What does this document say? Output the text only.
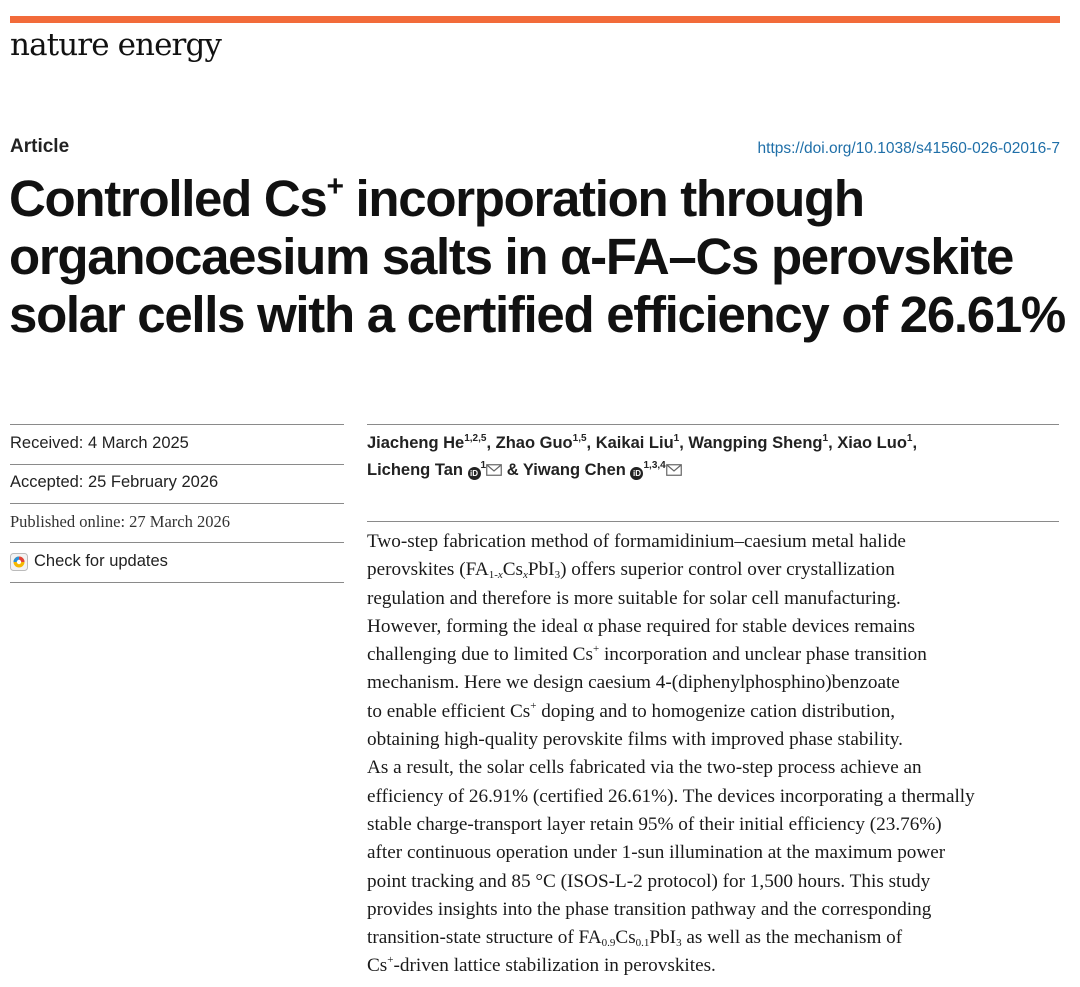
nature energy
Article	https://doi.org/10.1038/s41560-026-02016-7
Controlled Cs+ incorporation through
organocaesium salts in α-FA–Cs perovskite
solar cells with a certified efficiency of 26.61%
Received: 4 March 2025
Accepted: 25 February 2026
Published online: 27 March 2026
Check for updates

Jiacheng He$^{1,2,5}$, Zhao Guo$^{1,5}$, Kaikai Liu$^1$, Wangping Sheng$^1$, Xiao Luo$^1$,
Licheng Tan $iD^1$ & Yiwang Chen iD$^{1,3,4}$

Two-step fabrication method of formamidinium–caesium metal halide
perovskites $(FA_{1-x}Cs_xPbI_3)$ offers superior control over crystallization
regulation and therefore is more suitable for solar cell manufacturing.
However, forming the ideal α phase required for stable devices remains
challenging due to limited Cs+ incorporation and unclear phase transition
mechanism. Here we design caesium 4-(diphenylphosphino)benzoate
to enable efficient Cs+ doping and to homogenize cation distribution,
obtaining high-quality perovskite films with improved phase stability.
As a result, the solar cells fabricated via the two-step process achieve an
efficiency of 26.91% (certified 26.61%). The devices incorporating a thermally
stable charge-transport layer retain 95% of their initial efficiency (23.76%)
after continuous operation under 1-sun illumination at the maximum power
point tracking and 85 °C (ISOS-L-2 protocol) for 1,500 hours. This study
provides insights into the phase transition pathway and the corresponding
transition-state structure of $FA_{0.9}Cs_{0.1}PbI_3$ as well as the mechanism of
Cs+-driven lattice stabilization in perovskites.
